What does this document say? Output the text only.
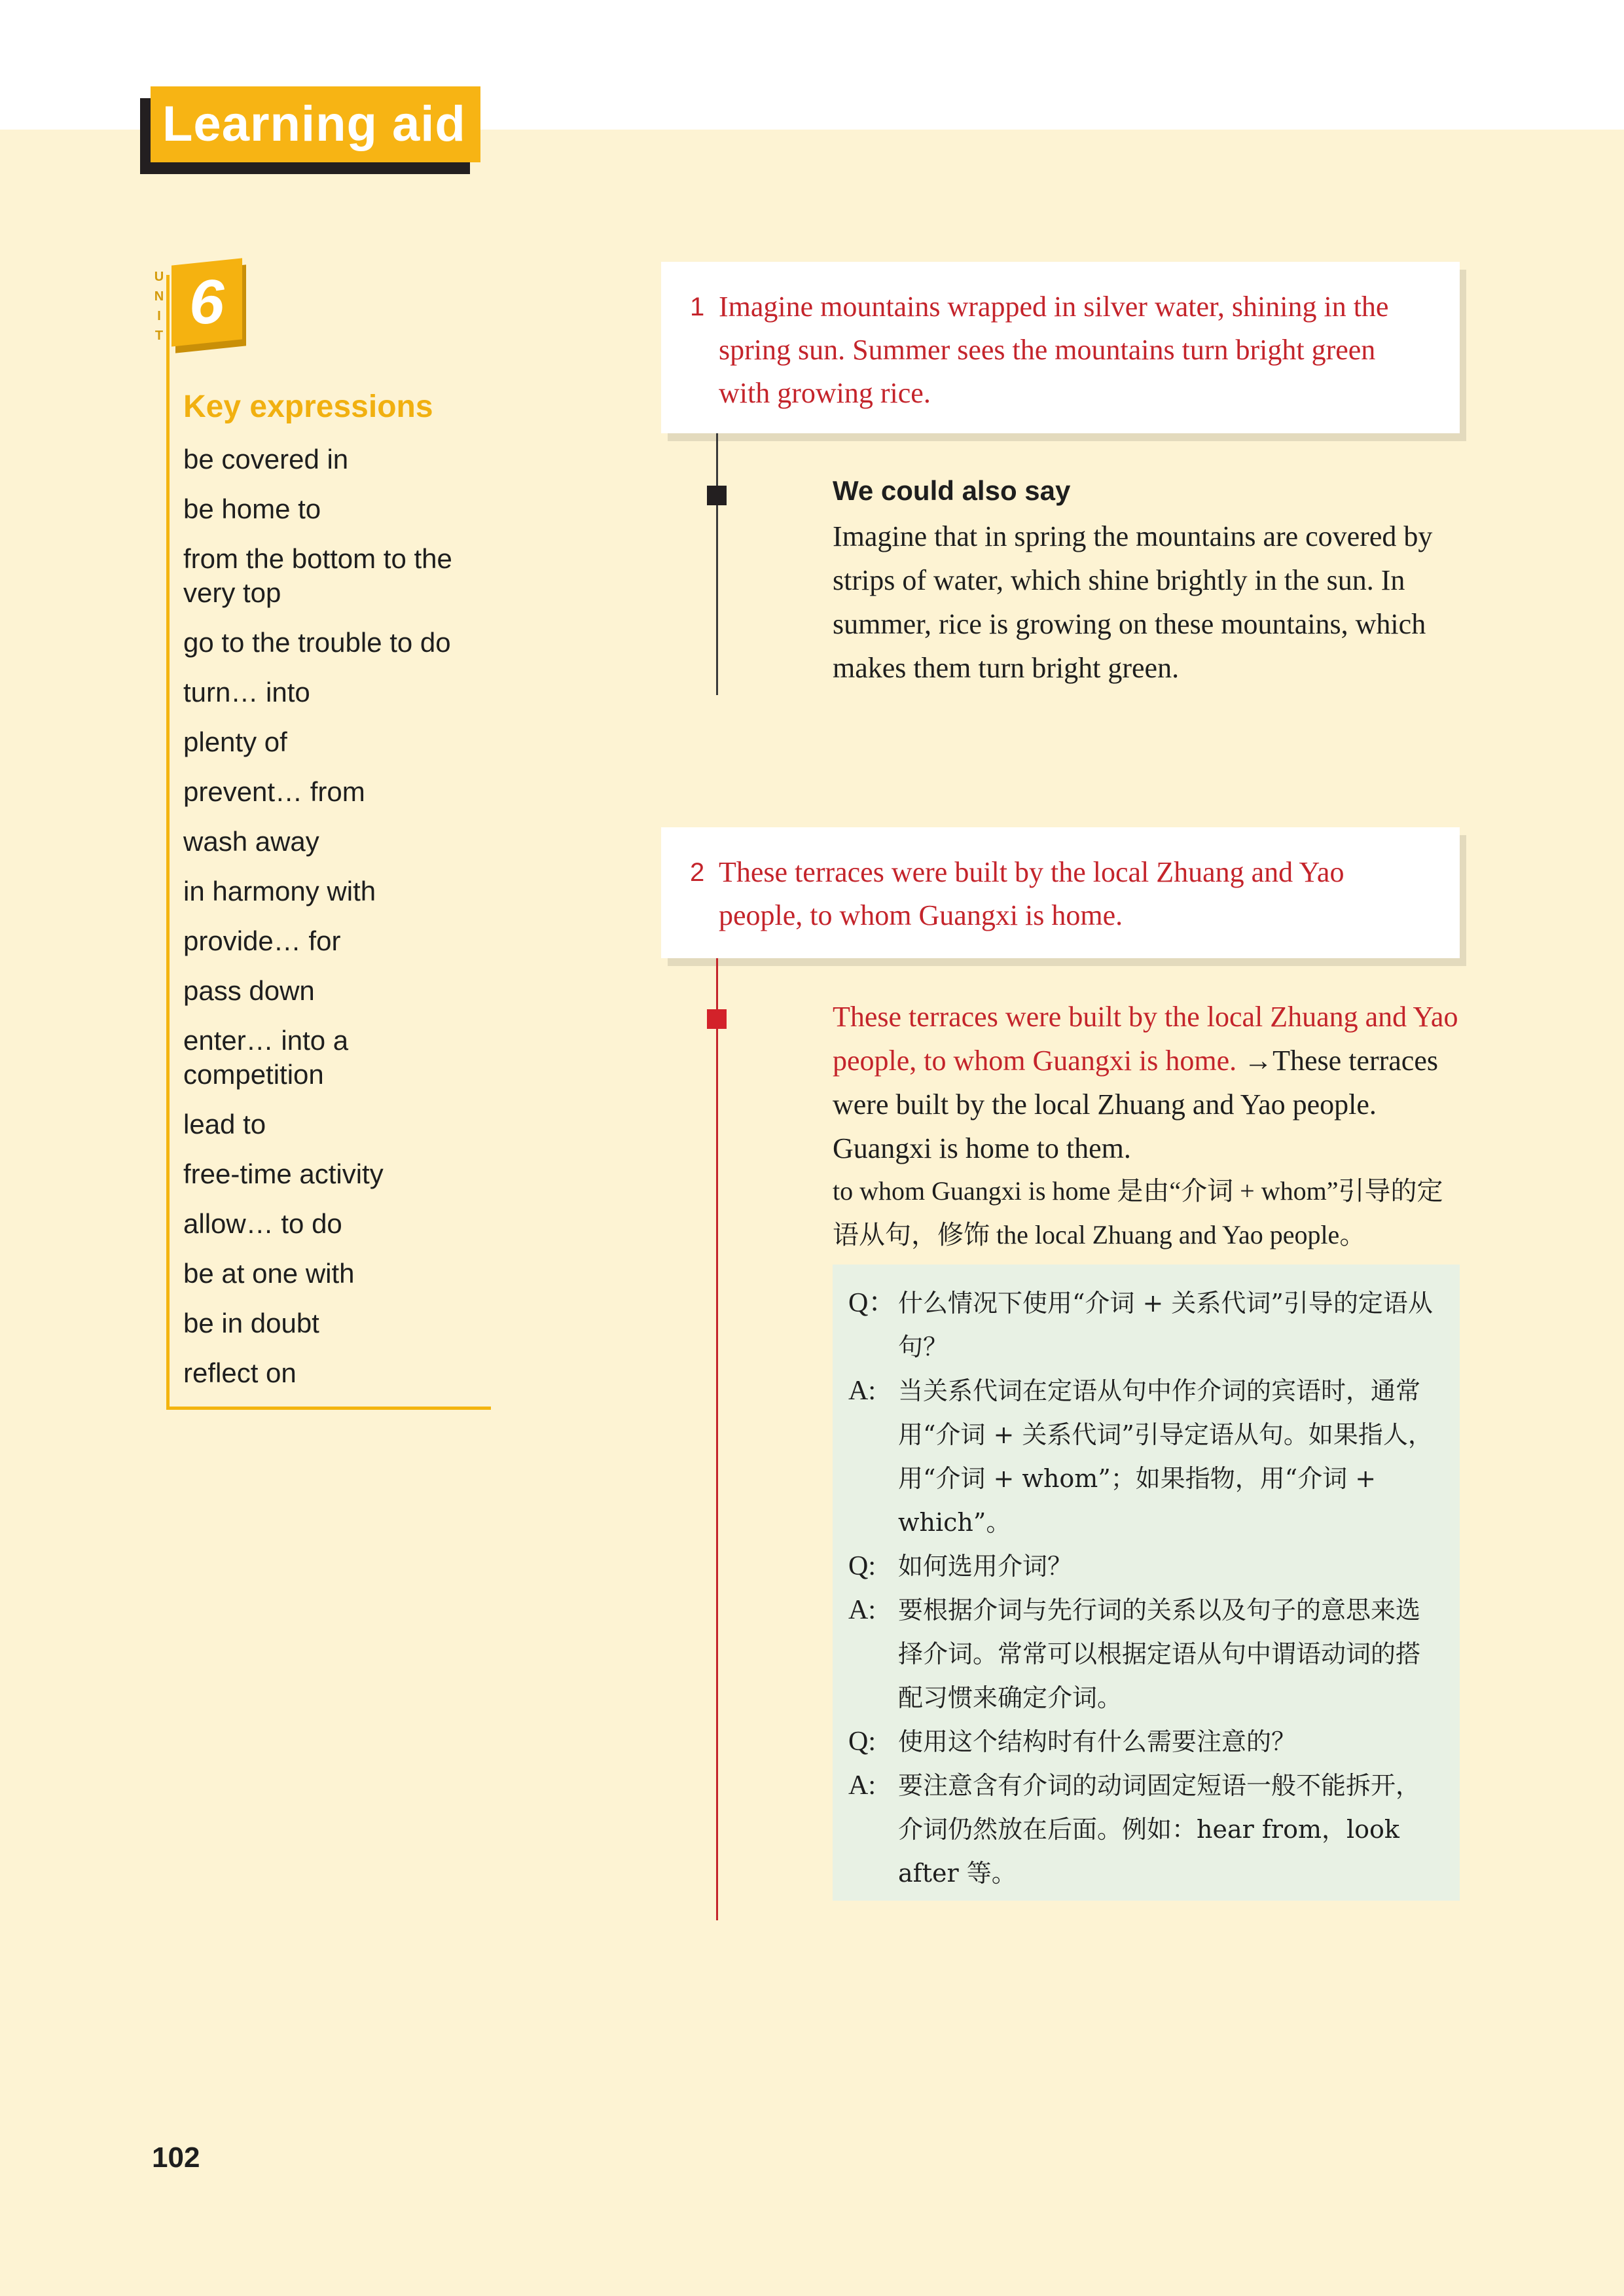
Learning aid
U
N
I
T 6
Key expressions
be covered in
be home to
from the bottom to the very top
go to the trouble to do
turn… into
plenty of
prevent… from
wash away
in harmony with
provide… for
pass down
enter… into a competition
lead to
free-time activity
allow… to do
be at one with
be in doubt
reflect on
1 Imagine mountains wrapped in silver water, shining in the spring sun. Summer sees the mountains turn bright green with growing rice.
We could also say
Imagine that in spring the mountains are covered by strips of water, which shine brightly in the sun. In summer, rice is growing on these mountains, which makes them turn bright green.
2 These terraces were built by the local Zhuang and Yao people, to whom Guangxi is home.
These terraces were built by the local Zhuang and Yao people, to whom Guangxi is home. →These terraces were built by the local Zhuang and Yao people. Guangxi is home to them.
to whom Guangxi is home 是由“介词 + whom”引导的定语从句，修饰 the local Zhuang and Yao people。
Q： 什么情况下使用“介词 + 关系代词”引导的定语从句？
A: 当关系代词在定语从句中作介词的宾语时，通常用“介词 + 关系代词”引导定语从句。如果指人，用“介词 + whom”；如果指物，用“介词 + which”。
Q: 如何选用介词？
A: 要根据介词与先行词的关系以及句子的意思来选择介词。常常可以根据定语从句中谓语动词的搭配习惯来确定介词。
Q: 使用这个结构时有什么需要注意的？
A: 要注意含有介词的动词固定短语一般不能拆开，介词仍然放在后面。例如：hear from，look after 等。
102
